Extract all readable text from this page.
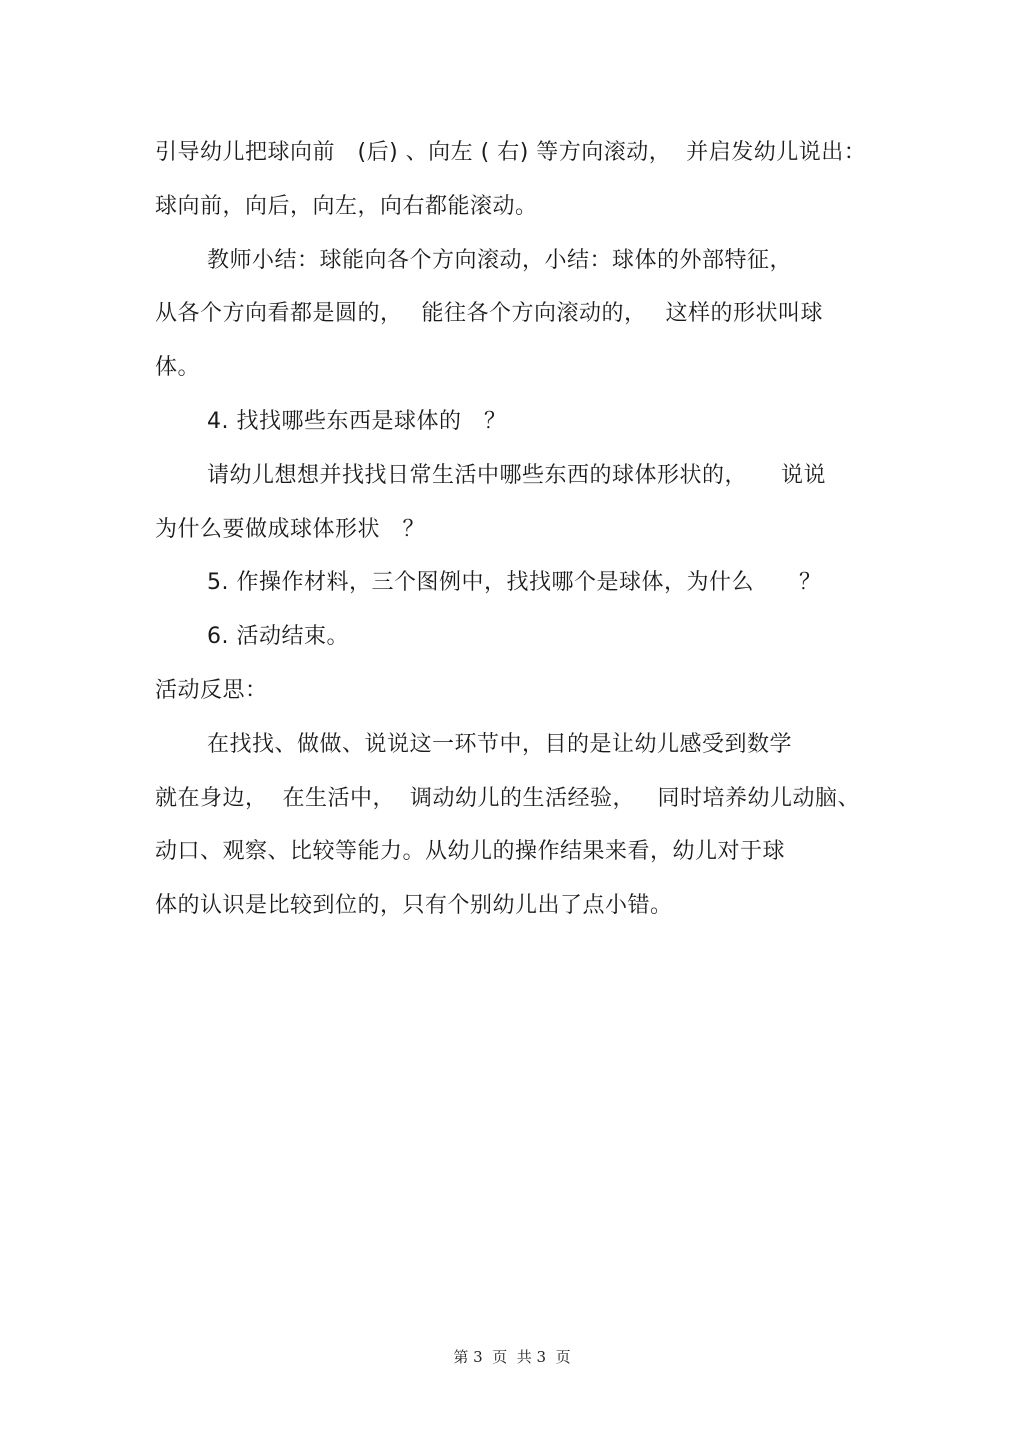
引导幼儿把球向前　(后) 、向左 ( 右) 等方向滚动，  并启发幼儿说出：
球向前，向后，向左，向右都能滚动。
教师小结：球能向各个方向滚动，小结：球体的外部特征，
从各个方向看都是圆的，　 能往各个方向滚动的，　 这样的形状叫球
体。
4. 找找哪些东西是球体的　？
请幼儿想想并找找日常生活中哪些东西的球体形状的，　　说说
为什么要做成球体形状　？
5. 作操作材料，三个图例中，找找哪个是球体，为什么　　？
6. 活动结束。
活动反思：
在找找、做做、说说这一环节中，目的是让幼儿感受到数学
就在身边，  在生活中，  调动幼儿的生活经验，   同时培养幼儿动脑、
动口、观察、比较等能力。从幼儿的操作结果来看，幼儿对于球
体的认识是比较到位的，只有个别幼儿出了点小错。
第 3  页  共 3  页
